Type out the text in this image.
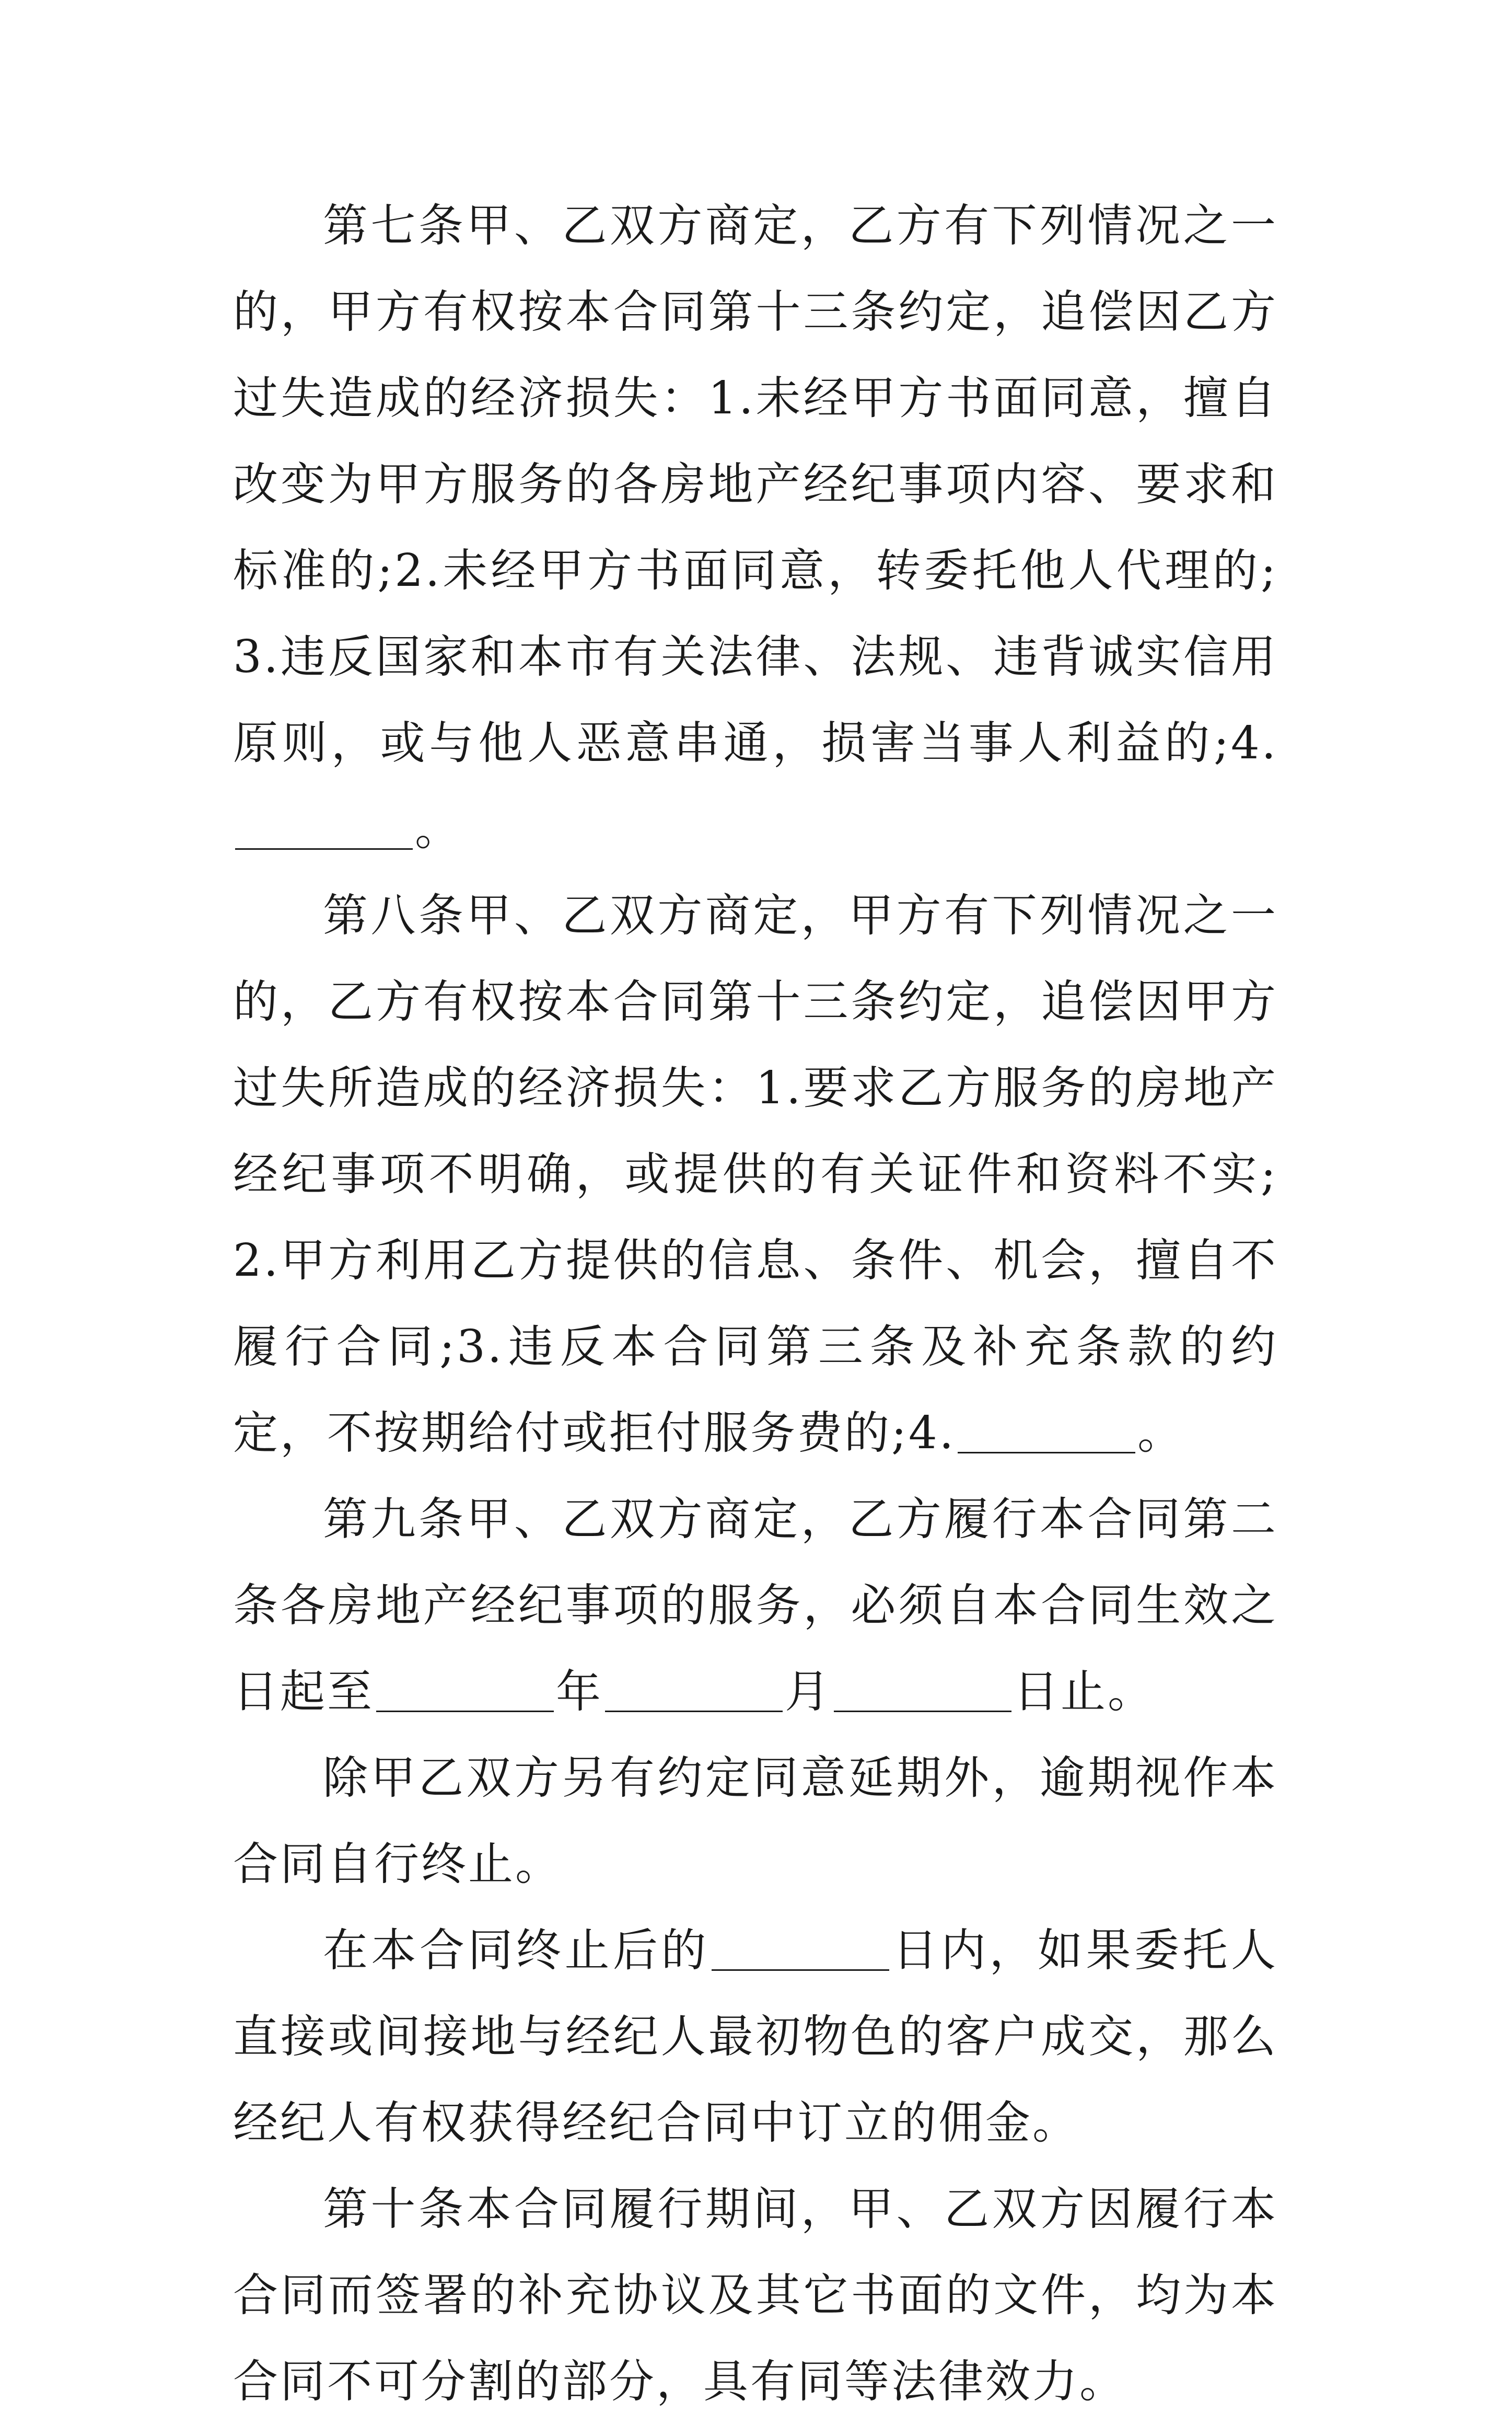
第七条甲、乙双方商定，乙方有下列情况之一的，甲方有权按本合同第十三条约定，追偿因乙方过失造成的经济损失：1.未经甲方书面同意，擅自改变为甲方服务的各房地产经纪事项内容、要求和标准的;2.未经甲方书面同意，转委托他人代理的;3.违反国家和本市有关法律、法规、违背诚实信用原则，或与他人恶意串通，损害当事人利益的;4.。

第八条甲、乙双方商定，甲方有下列情况之一的，乙方有权按本合同第十三条约定，追偿因甲方过失所造成的经济损失：1.要求乙方服务的房地产经纪事项不明确，或提供的有关证件和资料不实;2.甲方利用乙方提供的信息、条件、机会，擅自不履行合同;3.违反本合同第三条及补充条款的约定，不按期给付或拒付服务费的;4.	。

第九条甲、乙双方商定，乙方履行本合同第二条各房地产经纪事项的服务，必须自本合同生效之日起至	年	月	日止。

除甲乙双方另有约定同意延期外，逾期视作本合同自行终止。

在本合同终止后的	日内，如果委托人直接或间接地与经纪人最初物色的客户成交，那么经纪人有权获得经纪合同中订立的佣金。

第十条本合同履行期间，甲、乙双方因履行本合同而签署的补充协议及其它书面的文件，均为本合同不可分割的部分，具有同等法律效力。
